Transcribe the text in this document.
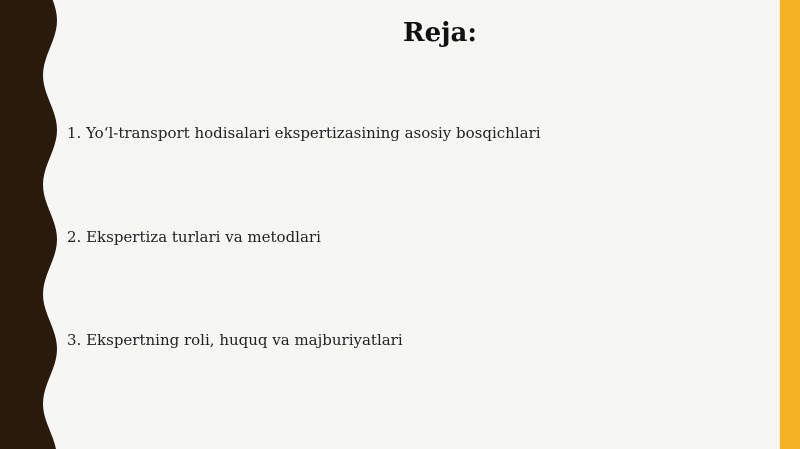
Reja:
1. Yo‘l-transport hodisalari ekspertizasining asosiy bosqichlari
2. Ekspertiza turlari va metodlari
3. Ekspertning roli, huquq va majburiyatlari
